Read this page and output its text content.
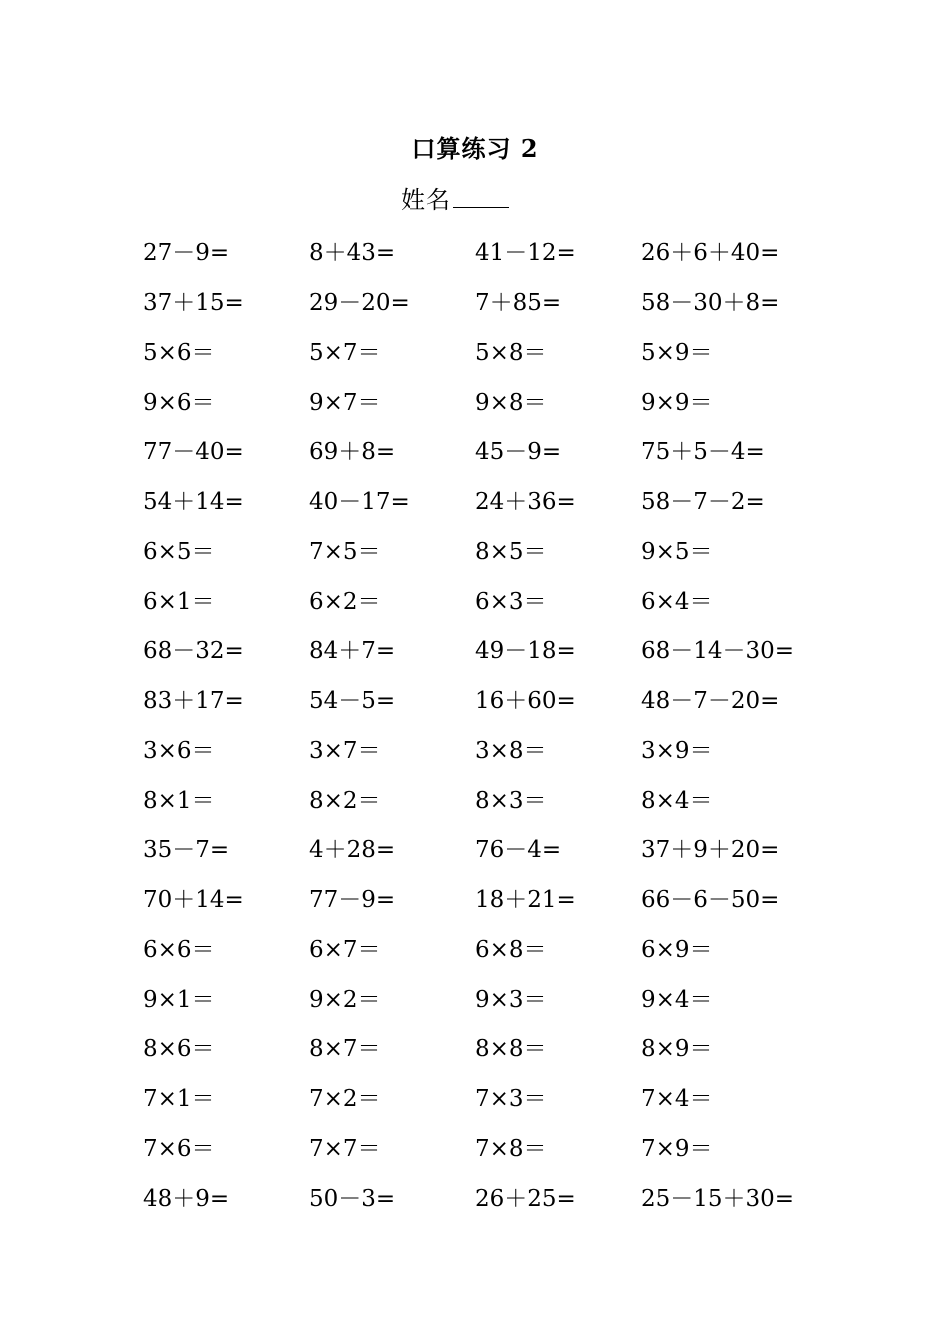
口算练习 2
姓名
27－9=	8＋43=	41－12=	26＋6＋40=
37＋15=	29－20=	7＋85=	58－30＋8=
5×6＝	5×7＝	5×8＝	5×9＝
9×6＝	9×7＝	9×8＝	9×9＝
77－40=	69＋8=	45－9=	75＋5－4=
54＋14=	40－17=	24＋36=	58－7－2=
6×5＝	7×5＝	8×5＝	9×5＝
6×1＝	6×2＝	6×3＝	6×4＝
68－32=	84＋7=	49－18=	68－14－30=
83＋17=	54－5=	16＋60=	48－7－20=
3×6＝	3×7＝	3×8＝	3×9＝
8×1＝	8×2＝	8×3＝	8×4＝
35－7=	4＋28=	76－4=	37＋9＋20=
70＋14=	77－9=	18＋21=	66－6－50=
6×6＝	6×7＝	6×8＝	6×9＝
9×1＝	9×2＝	9×3＝	9×4＝
8×6＝	8×7＝	8×8＝	8×9＝
7×1＝	7×2＝	7×3＝	7×4＝
7×6＝	7×7＝	7×8＝	7×9＝
48＋9=	50－3=	26＋25=	25－15＋30=
